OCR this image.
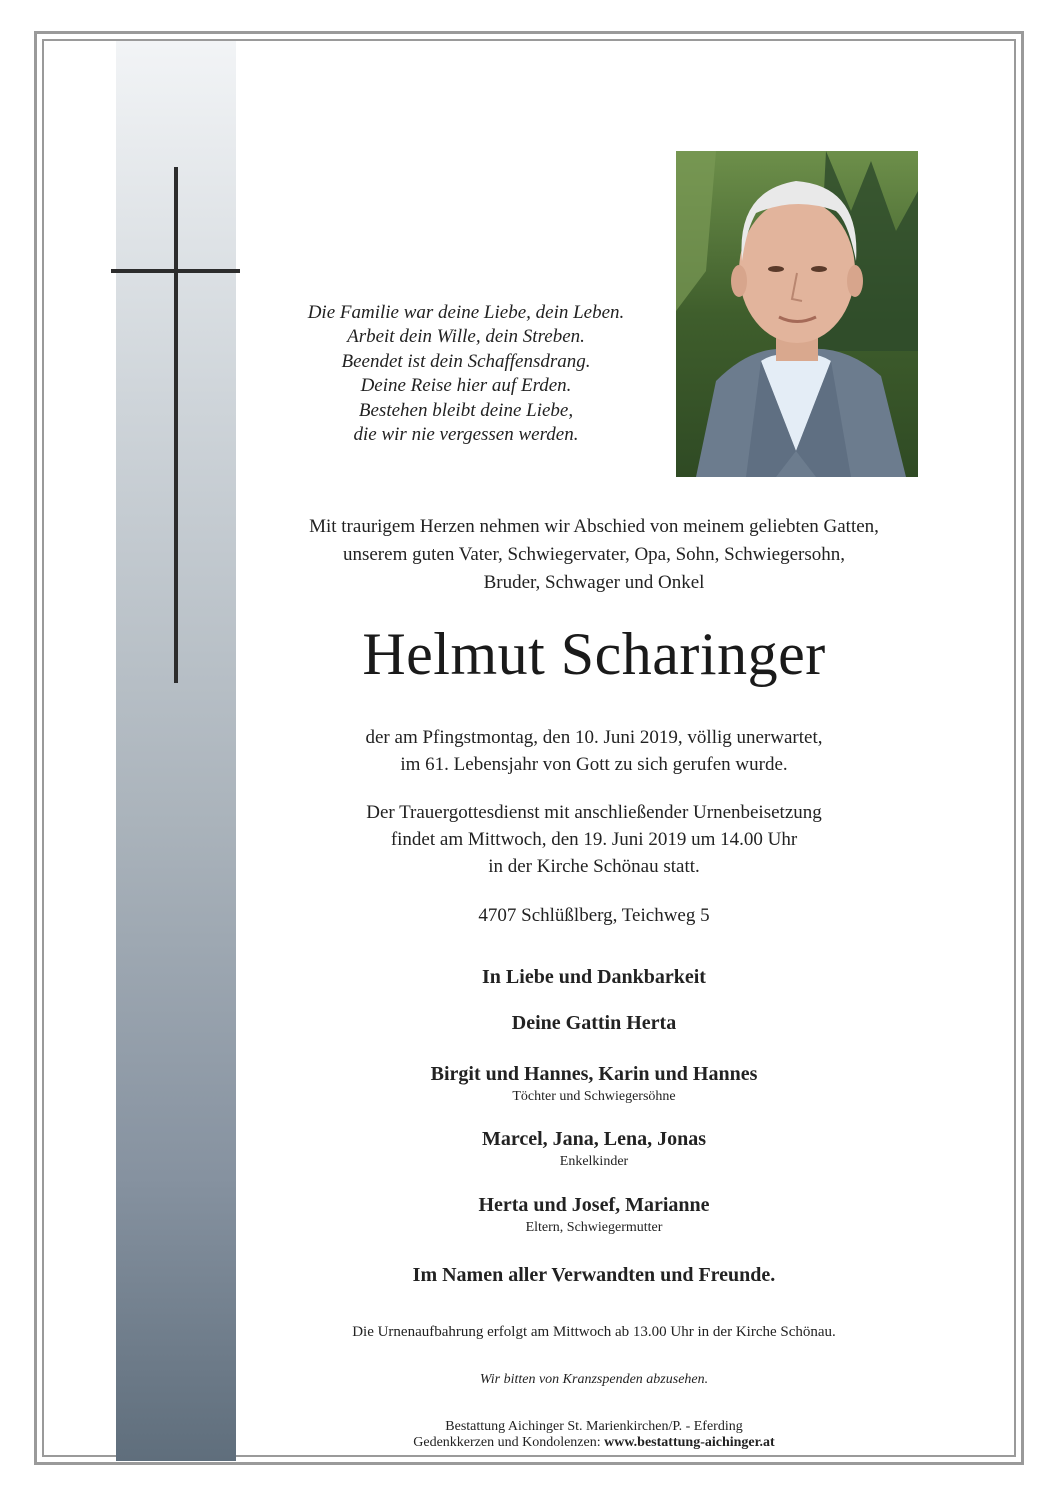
Die Familie war deine Liebe, dein Leben.
Arbeit dein Wille, dein Streben.
Beendet ist dein Schaffensdrang.
Deine Reise hier auf Erden.
Bestehen bleibt deine Liebe,
die wir nie vergessen werden.
Mit traurigem Herzen nehmen wir Abschied von meinem geliebten Gatten,
unserem guten Vater, Schwiegervater, Opa, Sohn, Schwiegersohn,
Bruder, Schwager und Onkel
Helmut Scharinger
der am Pfingstmontag, den 10. Juni 2019, völlig unerwartet,
im 61. Lebensjahr von Gott zu sich gerufen wurde.
Der Trauergottesdienst mit anschließender Urnenbeisetzung
findet am Mittwoch, den 19. Juni 2019 um 14.00 Uhr
in der Kirche Schönau statt.
4707 Schlüßlberg, Teichweg 5
In Liebe und Dankbarkeit
Deine Gattin Herta
Birgit und Hannes, Karin und Hannes
Töchter und Schwiegersöhne
Marcel, Jana, Lena, Jonas
Enkelkinder
Herta und Josef, Marianne
Eltern, Schwiegermutter
Im Namen aller Verwandten und Freunde.
Die Urnenaufbahrung erfolgt am Mittwoch ab 13.00 Uhr in der Kirche Schönau.
Wir bitten von Kranzspenden abzusehen.
Bestattung Aichinger St. Marienkirchen/P. - Eferding
Gedenkkerzen und Kondolenzen: www.bestattung-aichinger.at
